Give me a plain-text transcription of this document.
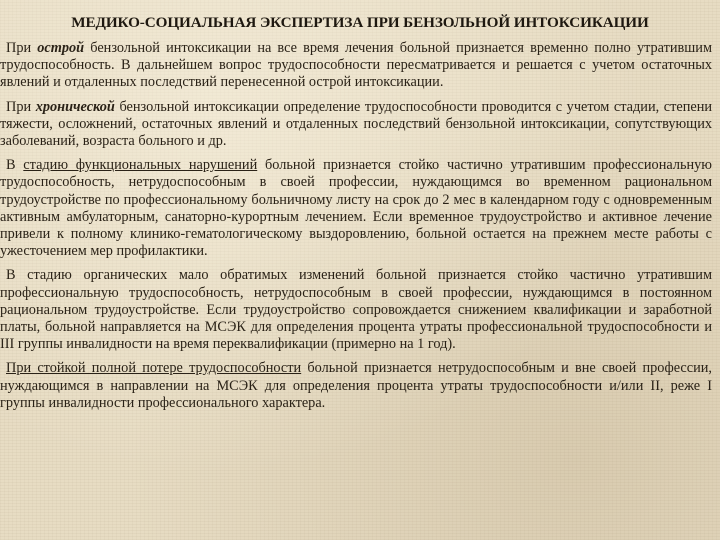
МЕДИКО-СОЦИАЛЬНАЯ ЭКСПЕРТИЗА ПРИ БЕНЗОЛЬНОЙ ИНТОКСИКАЦИИ

При острой бензольной интоксикации на все время лечения больной признается временно полно утратившим трудоспособность. В дальнейшем вопрос трудоспособности пересматривается и решается с учетом остаточных явлений и отдаленных последствий перенесенной острой интоксикации.

При хронической бензольной интоксикации определение трудоспособности проводится с учетом стадии, степени тяжести, осложнений, остаточных явлений и отдаленных последствий бензольной интоксикации, сопутствующих заболеваний, возраста больного и др.

В стадию функциональных нарушений больной признается стойко частично утратившим профессиональную трудоспособность, нетрудоспособным в своей профессии, нуждающимся во временном рациональном трудоустройстве по профессиональному больничному листу на срок до 2 мес в календарном году с одновременным активным амбулаторным, санаторно-курортным лечением. Если временное трудоустройство и активное лечение привели к полному клинико-гематологическому выздоровлению, больной остается на прежнем месте работы с ужесточением мер профилактики.

В стадию органических мало обратимых изменений больной признается стойко частично утратившим профессиональную трудоспособность, нетрудоспособным в своей профессии, нуждающимся в постоянном рациональном трудоустройстве. Если трудоустройство сопровождается снижением квалификации и заработной платы, больной направляется на МСЭК для определения процента утраты профессиональной трудоспособности и III группы инвалидности на время переквалификации (примерно на 1 год).

При стойкой полной потере трудоспособности больной признается нетрудоспособным и вне своей профессии, нуждающимся в направлении на МСЭК для определения процента утраты трудоспособности и/или II, реже I группы инвалидности профессионального характера.
